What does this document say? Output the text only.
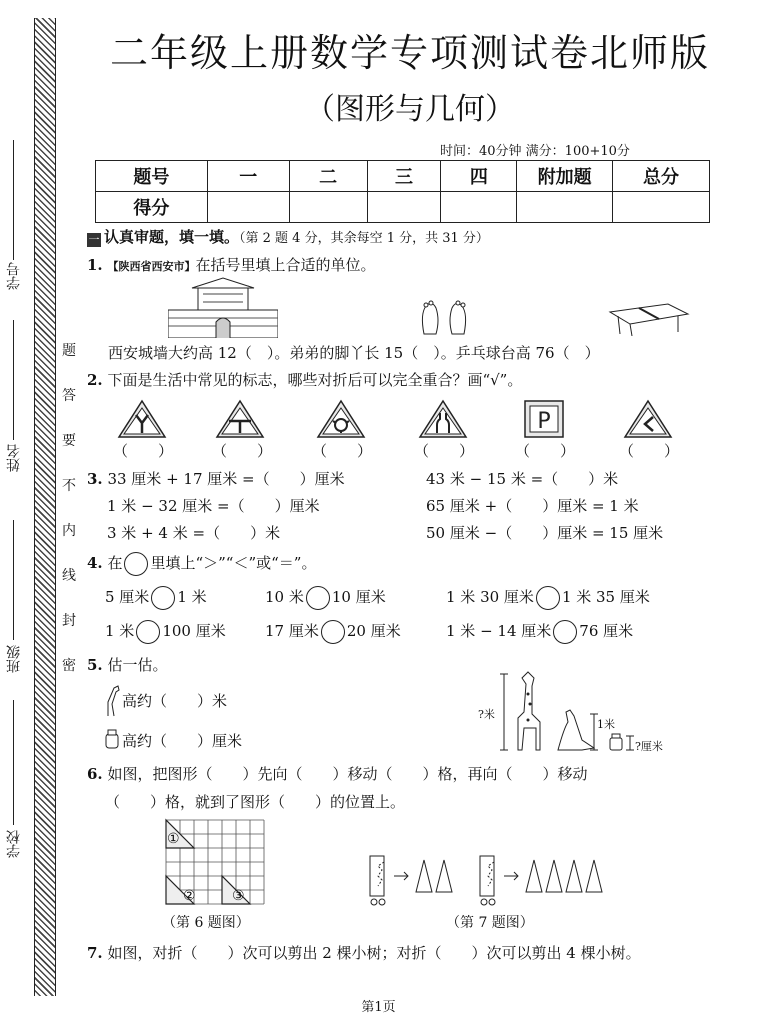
学号
姓名
班级
学校
题
答
要
不
内
线
封
密
二年级上册数学专项测试卷北师版
（图形与几何）
时间：40分钟 满分：100+10分
题号	一	二	三	四	附加题	总分
得分						
一 认真审题，填一填。（第 2 题 4 分，其余每空 1 分，共 31 分）
1. 【陕西省西安市】在括号里填上合适的单位。
西安城墙大约高 12（　）。弟弟的脚丫长 15（　）。乒乓球台高 76（　）
2. 下面是生活中常见的标志，哪些对折后可以完全重合？画“√”。
P
（　　）	（　　）	（　　）	（　　）	（　　）	（　　）
3. 33 厘米 + 17 厘米 =（　　）厘米	43 米 − 15 米 =（　　）米
1 米 − 32 厘米 =（　　）厘米	65 厘米 +（　　）厘米 = 1 米
3 米 + 4 米 =（　　）米	50 厘米 −（　　）厘米 = 15 厘米
4. 在 里填上“＞”“＜”或“＝”。
5 厘米 1 米	10 米 10 厘米	1 米 30 厘米 1 米 35 厘米
1 米 100 厘米	17 厘米 20 厘米	1 米 − 14 厘米 76 厘米
5. 估一估。
高约（　　）米
高约（　　）厘米
?米
1米
?厘米
6. 如图，把图形（　　）先向（　　）移动（　　）格，再向（　　）移动
（　　）格，就到了图形（　　）的位置上。
①
②	③
（第 6 题图）	（第 7 题图）
7. 如图，对折（　　）次可以剪出 2 棵小树；对折（　　）次可以剪出 4 棵小树。
第1页
